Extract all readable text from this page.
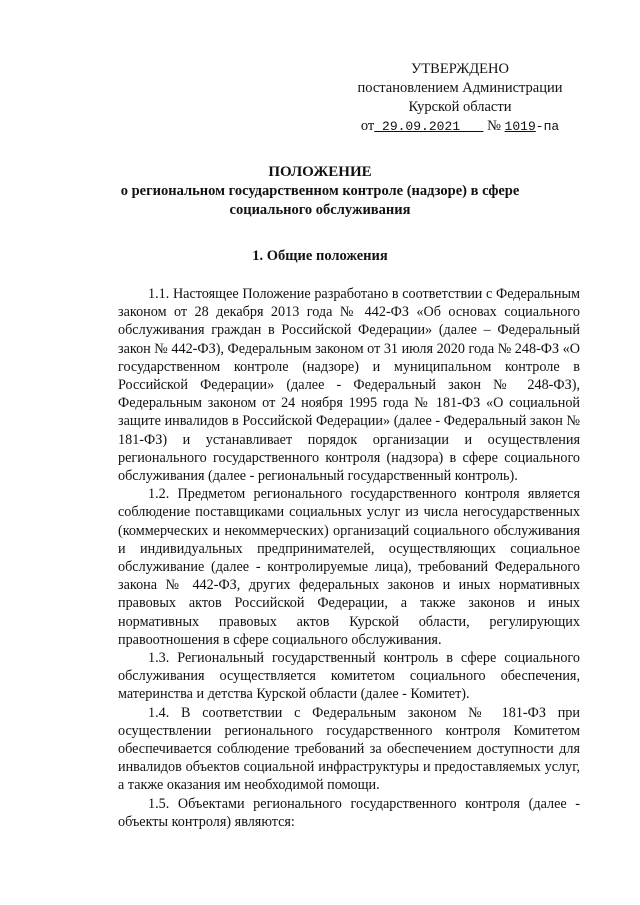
УТВЕРЖДЕНО
постановлением Администрации
Курской области
от 29.09.2021 № 1019-па
ПОЛОЖЕНИЕ
о региональном государственном контроле (надзоре) в сфере
социального обслуживания
1. Общие положения

1.1. Настоящее Положение разработано в соответствии с Федеральным законом от 28 декабря 2013 года № 442-ФЗ «Об основах социального обслуживания граждан в Российской Федерации» (далее – Федеральный закон № 442-ФЗ), Федеральным законом от 31 июля 2020 года № 248-ФЗ «О государственном контроле (надзоре) и муниципальном контроле в Российской Федерации» (далее - Федеральный закон № 248-ФЗ), Федеральным законом от 24 ноября 1995 года № 181-ФЗ «О социальной защите инвалидов в Российской Федерации» (далее - Федеральный закон № 181-ФЗ) и устанавливает порядок организации и осуществления регионального государственного контроля (надзора) в сфере социального обслуживания (далее - региональный государственный контроль).

1.2. Предметом регионального государственного контроля является соблюдение поставщиками социальных услуг из числа негосударственных (коммерческих и некоммерческих) организаций социального обслуживания и индивидуальных предпринимателей, осуществляющих социальное обслуживание (далее - контролируемые лица), требований Федерального закона № 442-ФЗ, других федеральных законов и иных нормативных правовых актов Российской Федерации, а также законов и иных нормативных правовых актов Курской области, регулирующих правоотношения в сфере социального обслуживания.

1.3. Региональный государственный контроль в сфере социального обслуживания осуществляется комитетом социального обеспечения, материнства и детства Курской области (далее - Комитет).

1.4. В соответствии с Федеральным законом № 181-ФЗ при осуществлении регионального государственного контроля Комитетом обеспечивается соблюдение требований за обеспечением доступности для инвалидов объектов социальной инфраструктуры и предоставляемых услуг, а также оказания им необходимой помощи.

1.5. Объектами регионального государственного контроля (далее - объекты контроля) являются:
